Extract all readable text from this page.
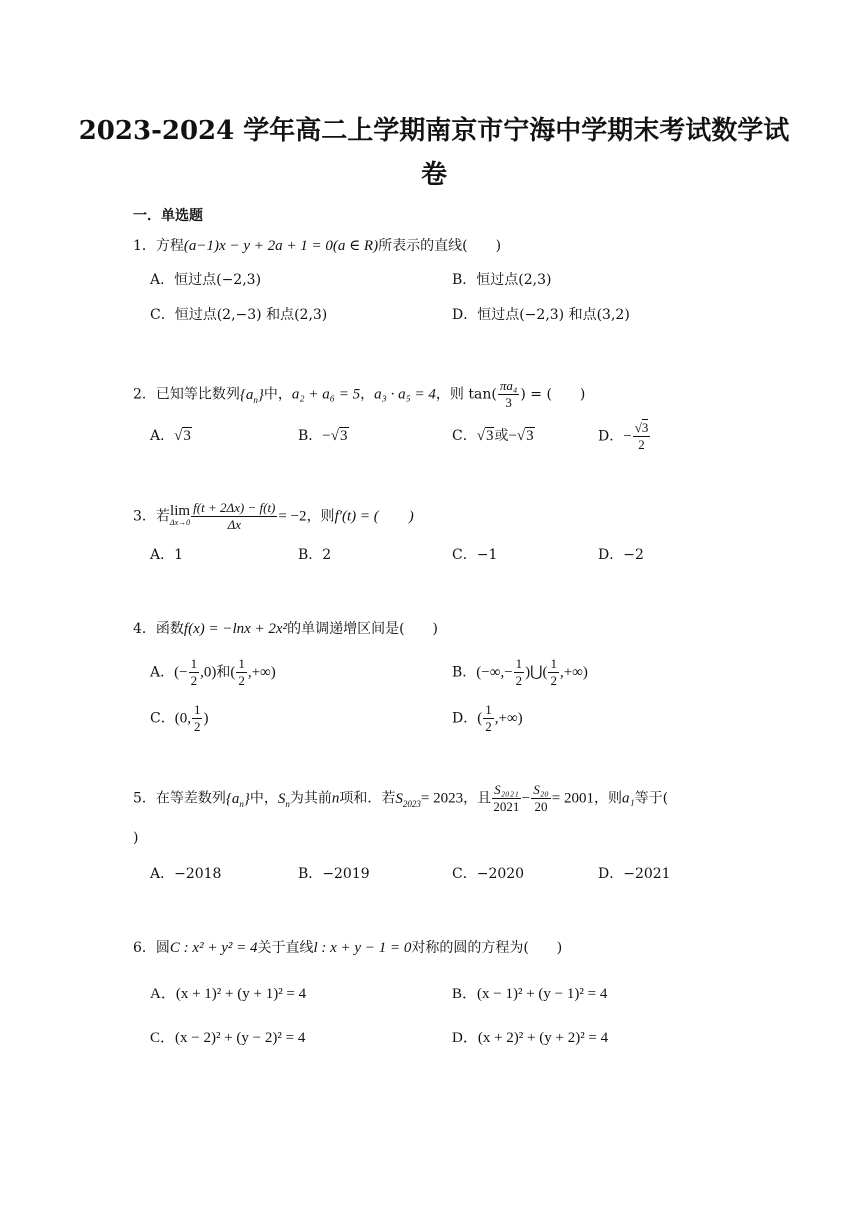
2023-2024 学年高二上学期南京市宁海中学期末考试数学试
卷
一．单选题
1．方程(a−1)x − y + 2a + 1 = 0(a ∈ R)所表示的直线(　　)
A．恒过点(−2,3)	B．恒过点(2,3)
C．恒过点(2,−3) 和点(2,3)	D．恒过点(−2,3) 和点(3,2)
2．已知等比数列$\{a_n\}$中，a₂ + a₆ = 5，a₃ · a₅ = 4，则 $\tan( \frac{\text{πa₄}}{3}$ ) = (　　)
A．√3	B．−√3	C．√3或−√3	D．− $\frac{√3}{2}$
3．若 lim
$\Delta x\to 0 \frac{f(t + 2\Delta x) - f(t)}{\Delta x} = -2$，则f′(t) = (　　)
A．1	B．2	C．−1	D．−2
4．函数f(x) = −lnx + 2x²的单调递增区间是(　　)
A．(− $\frac{1}{2} ,0$)和( $\frac{1}{2}$ ,+∞)	B．(−∞,− $\frac{1}{2}$ )⋃( $\frac{1}{2}$ ,+∞)
C．(0, $\frac{1}{2}$ )	D．( $\frac{1}{2}$ ,+∞)
5．在等差数列$\{a_n\}$中，$S_n$为其前n项和．若$S_{2023}= 2023$，且 $\frac{\text{S₂₀₂₁}}{2021} - \frac{\text{S₂₀}}{20} = 2001$，则a₁等于(
)
A．−2018	B．−2019	C．−2020	D．−2021
6．圆C : x² + y² = 4关于直线l : x + y − 1 = 0对称的圆的方程为(　　)
A．(x + 1)² + (y + 1)² = 4	B．(x − 1)² + (y − 1)² = 4
C．(x − 2)² + (y − 2)² = 4	D．(x + 2)² + (y + 2)² = 4
